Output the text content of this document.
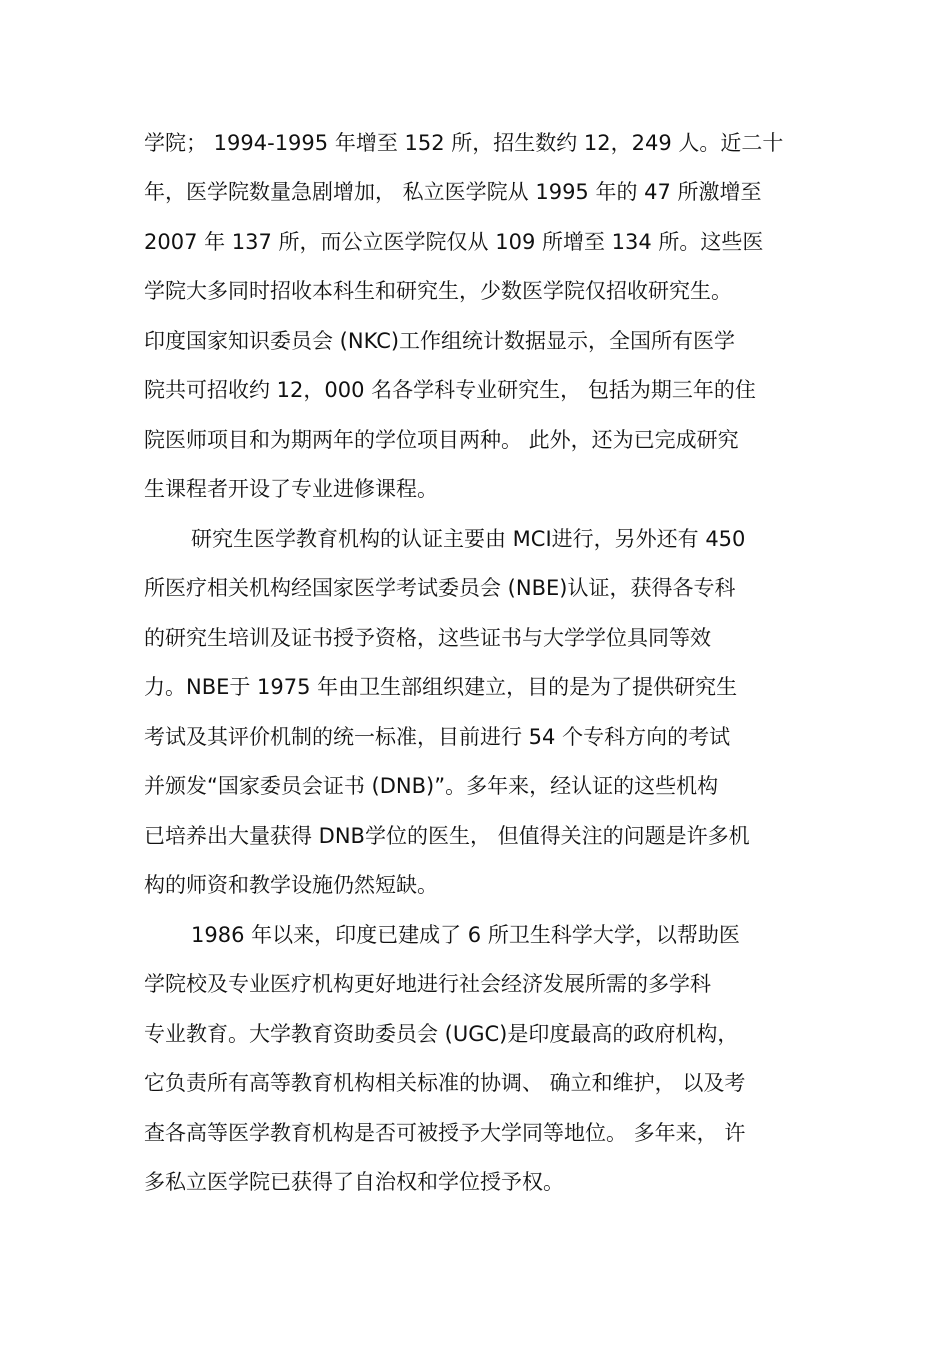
学院； 1994-1995 年增至 152 所，招生数约 12，249 人。近二十
年，医学院数量急剧增加， 私立医学院从 1995 年的 47 所激增至
2007 年 137 所，而公立医学院仅从 109 所增至 134 所。这些医
学院大多同时招收本科生和研究生，少数医学院仅招收研究生。
印度国家知识委员会 (NKC)工作组统计数据显示，全国所有医学
院共可招收约 12，000 名各学科专业研究生， 包括为期三年的住
院医师项目和为期两年的学位项目两种。 此外，还为已完成研究
生课程者开设了专业进修课程。
研究生医学教育机构的认证主要由 MCI进行，另外还有 450
所医疗相关机构经国家医学考试委员会 (NBE)认证，获得各专科
的研究生培训及证书授予资格，这些证书与大学学位具同等效
力。NBE于 1975 年由卫生部组织建立，目的是为了提供研究生
考试及其评价机制的统一标准，目前进行 54 个专科方向的考试
并颁发“国家委员会证书 (DNB)”。多年来，经认证的这些机构
已培养出大量获得 DNB学位的医生， 但值得关注的问题是许多机
构的师资和教学设施仍然短缺。
1986 年以来，印度已建成了 6 所卫生科学大学，以帮助医
学院校及专业医疗机构更好地进行社会经济发展所需的多学科
专业教育。大学教育资助委员会 (UGC)是印度最高的政府机构，
它负责所有高等教育机构相关标准的协调、 确立和维护， 以及考
查各高等医学教育机构是否可被授予大学同等地位。 多年来， 许
多私立医学院已获得了自治权和学位授予权。
